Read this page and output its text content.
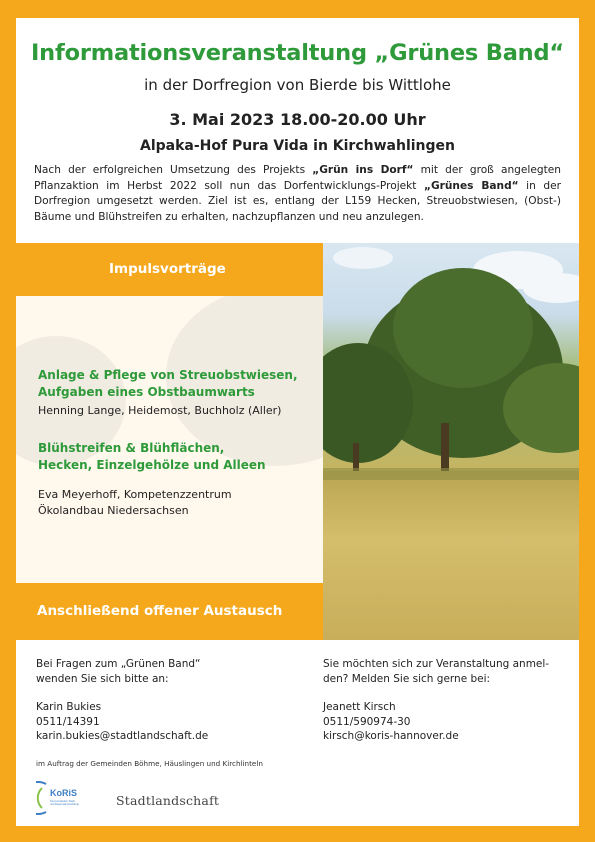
Informationsveranstaltung „Grünes Band“
in der Dorfregion von Bierde bis Wittlohe
3. Mai 2023 18.00-20.00 Uhr
Alpaka-Hof Pura Vida in Kirchwahlingen

Nach der erfolgreichen Umsetzung des Projekts „Grün ins Dorf“ mit der groß angelegten Pflanzaktion im Herbst 2022 soll nun das Dorfentwicklungs-Projekt „Grünes Band“ in der Dorfregion umgesetzt werden. Ziel ist es, entlang der L159 Hecken, Streuobstwiesen, (Obst-) Bäume und Blühstreifen zu erhalten, nachzupflanzen und neu anzulegen.

Impulsvorträge
Anlage & Pflege von Streuobstwiesen,
Aufgaben eines Obstbaumwarts
Henning Lange, Heidemost, Buchholz (Aller)
Blühstreifen & Blühflächen,
Hecken, Einzelgehölze und Alleen
Eva Meyerhoff, Kompetenzzentrum
Ökolandbau Niedersachsen
Anschließend offener Austausch
Bei Fragen zum „Grünen Band“
wenden Sie sich bitte an:
Karin Bukies
0511/14391
karin.bukies@stadtlandschaft.de
Sie möchten sich zur Veranstaltung anmel-
den? Melden Sie sich gerne bei:
Jeanett Kirsch
0511/590974-30
kirsch@koris-hannover.de
im Auftrag der Gemeinden Böhme, Häuslingen und Kirchlinteln
KoRiS
Kommunikation Stadt
und Regionalentwicklung	Stadtlandschaft
